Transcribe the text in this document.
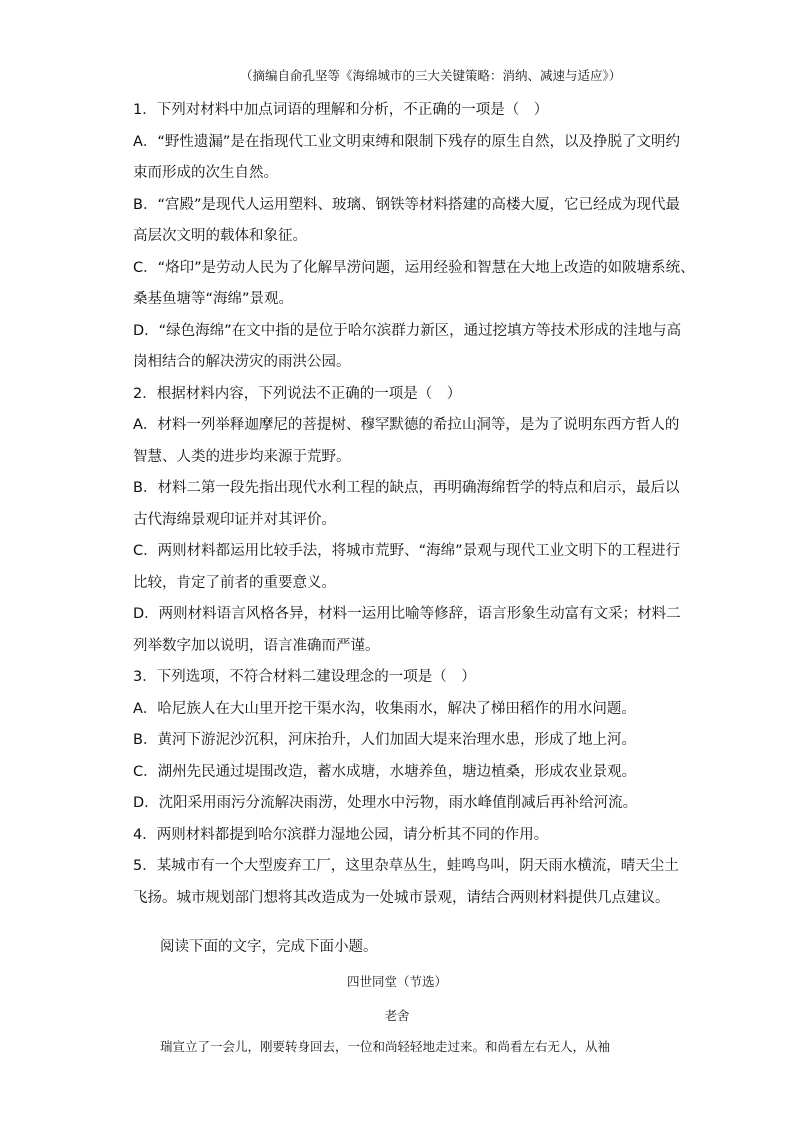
（摘编自俞孔坚等《海绵城市的三大关键策略：消纳、减速与适应》）
1．下列对材料中加点词语的理解和分析，不正确的一项是（　）
A．“野性遗漏”是在指现代工业文明束缚和限制下残存的原生自然，以及挣脱了文明约
束而形成的次生自然。
B．“宫殿”是现代人运用塑料、玻璃、钢铁等材料搭建的高楼大厦，它已经成为现代最
高层次文明的载体和象征。
C．“烙印”是劳动人民为了化解旱涝问题，运用经验和智慧在大地上改造的如陂塘系统、
桑基鱼塘等“海绵”景观。
D．“绿色海绵”在文中指的是位于哈尔滨群力新区，通过挖填方等技术形成的洼地与高
岗相结合的解决涝灾的雨洪公园。
2．根据材料内容，下列说法不正确的一项是（　）
A．材料一列举释迦摩尼的菩提树、穆罕默德的希拉山洞等，是为了说明东西方哲人的
智慧、人类的进步均来源于荒野。
B．材料二第一段先指出现代水利工程的缺点，再明确海绵哲学的特点和启示，最后以
古代海绵景观印证并对其评价。
C．两则材料都运用比较手法，将城市荒野、“海绵”景观与现代工业文明下的工程进行
比较，肯定了前者的重要意义。
D．两则材料语言风格各异，材料一运用比喻等修辞，语言形象生动富有文采；材料二
列举数字加以说明，语言准确而严谨。
3．下列选项，不符合材料二建设理念的一项是（　）
A．哈尼族人在大山里开挖干渠水沟，收集雨水，解决了梯田稻作的用水问题。
B．黄河下游泥沙沉积，河床抬升，人们加固大堤来治理水患，形成了地上河。
C．湖州先民通过堤围改造，蓄水成塘，水塘养鱼，塘边植桑，形成农业景观。
D．沈阳采用雨污分流解决雨涝，处理水中污物，雨水峰值削减后再补给河流。
4．两则材料都提到哈尔滨群力湿地公园，请分析其不同的作用。
5．某城市有一个大型废弃工厂，这里杂草丛生，蛙鸣鸟叫，阴天雨水横流，晴天尘土
飞扬。城市规划部门想将其改造成为一处城市景观，请结合两则材料提供几点建议。
阅读下面的文字，完成下面小题。
四世同堂（节选）
老舍
瑞宣立了一会儿，刚要转身回去，一位和尚轻轻地走过来。和尚看左右无人，从袖
